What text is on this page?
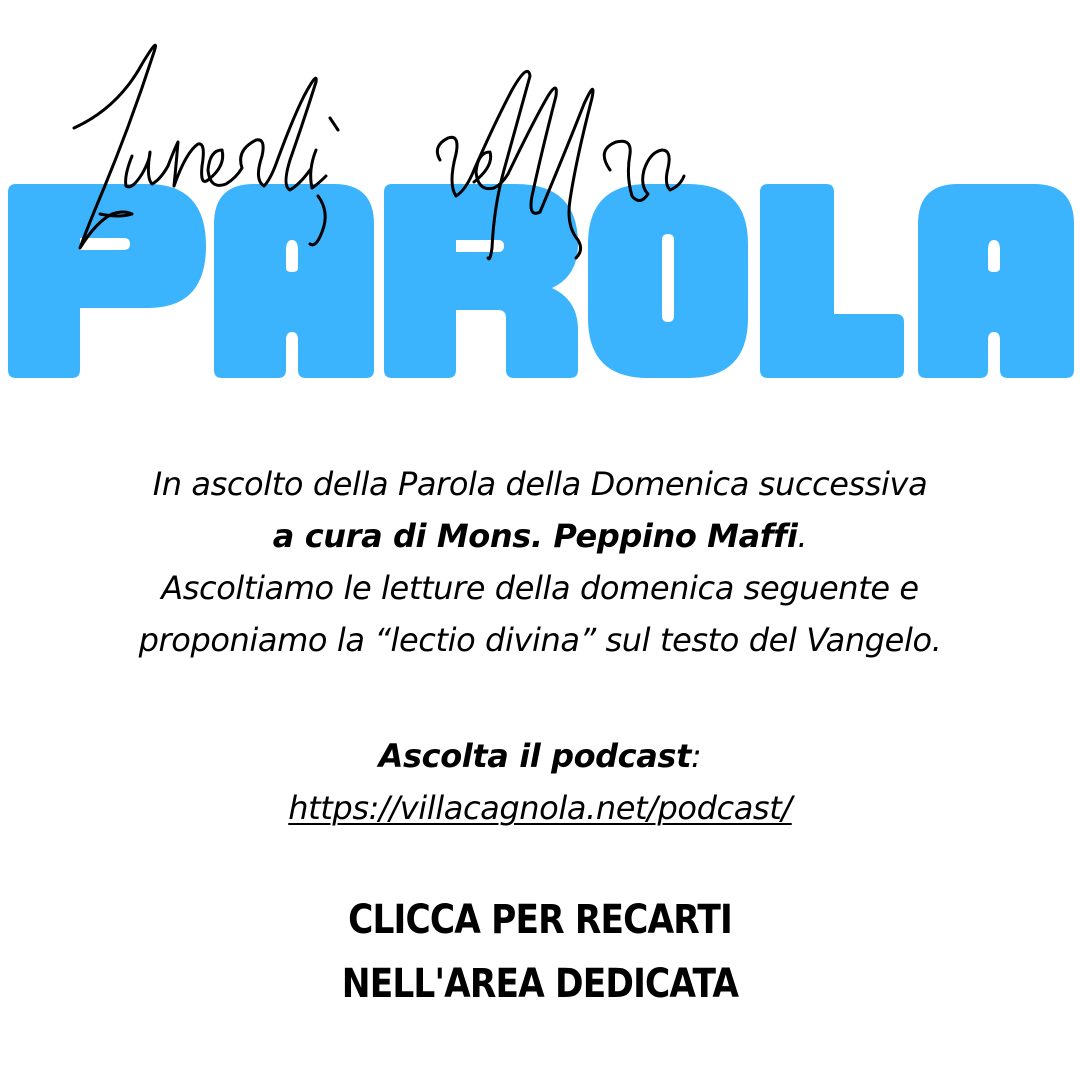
In ascolto della Parola della Domenica successiva
a cura di Mons. Peppino Maffi.
Ascoltiamo le letture della domenica seguente e
proponiamo la “lectio divina” sul testo del Vangelo.
Ascolta il podcast:
https://villacagnola.net/podcast/
CLICCA PER RECARTI
NELL'AREA DEDICATA
